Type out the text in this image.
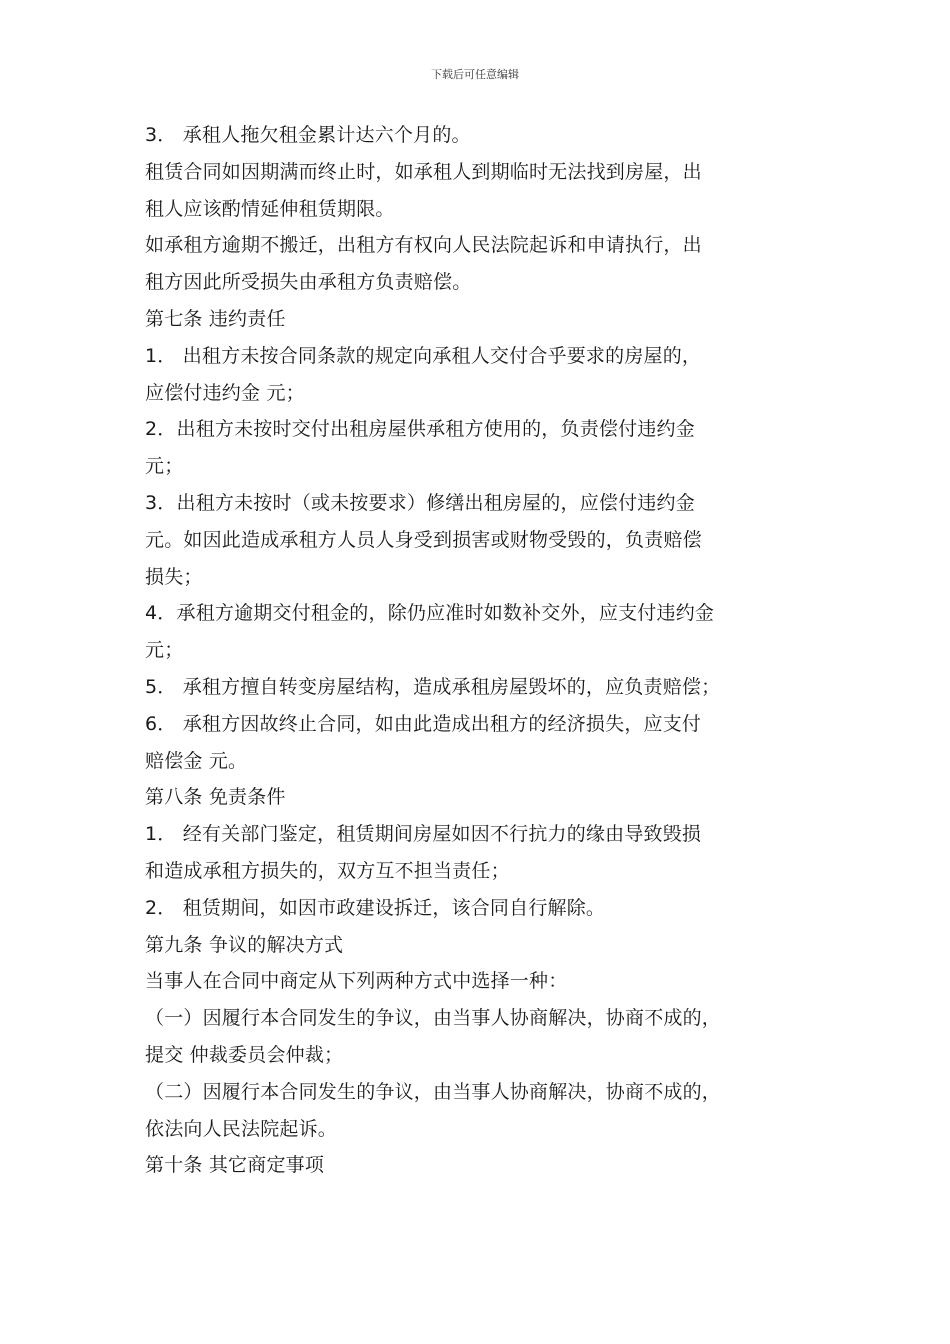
下载后可任意编辑
3． 承租人拖欠租金累计达六个月的。
租赁合同如因期满而终止时，如承租人到期临时无法找到房屋，出
租人应该酌情延伸租赁期限。
如承租方逾期不搬迁，出租方有权向人民法院起诉和申请执行，出
租方因此所受损失由承租方负责赔偿。
第七条 违约责任
1． 出租方未按合同条款的规定向承租人交付合乎要求的房屋的，
应偿付违约金 元；
2．出租方未按时交付出租房屋供承租方使用的，负责偿付违约金
元；
3．出租方未按时（或未按要求）修缮出租房屋的，应偿付违约金
元。如因此造成承租方人员人身受到损害或财物受毁的，负责赔偿
损失；
4．承租方逾期交付租金的，除仍应准时如数补交外，应支付违约金
元；
5． 承租方擅自转变房屋结构，造成承租房屋毁坏的，应负责赔偿；
6． 承租方因故终止合同，如由此造成出租方的经济损失，应支付
赔偿金 元。
第八条 免责条件
1． 经有关部门鉴定，租赁期间房屋如因不行抗力的缘由导致毁损
和造成承租方损失的，双方互不担当责任；
2． 租赁期间，如因市政建设拆迁，该合同自行解除。
第九条 争议的解决方式
当事人在合同中商定从下列两种方式中选择一种：
（一）因履行本合同发生的争议，由当事人协商解决，协商不成的，
提交 仲裁委员会仲裁；
（二）因履行本合同发生的争议，由当事人协商解决，协商不成的，
依法向人民法院起诉。
第十条 其它商定事项
